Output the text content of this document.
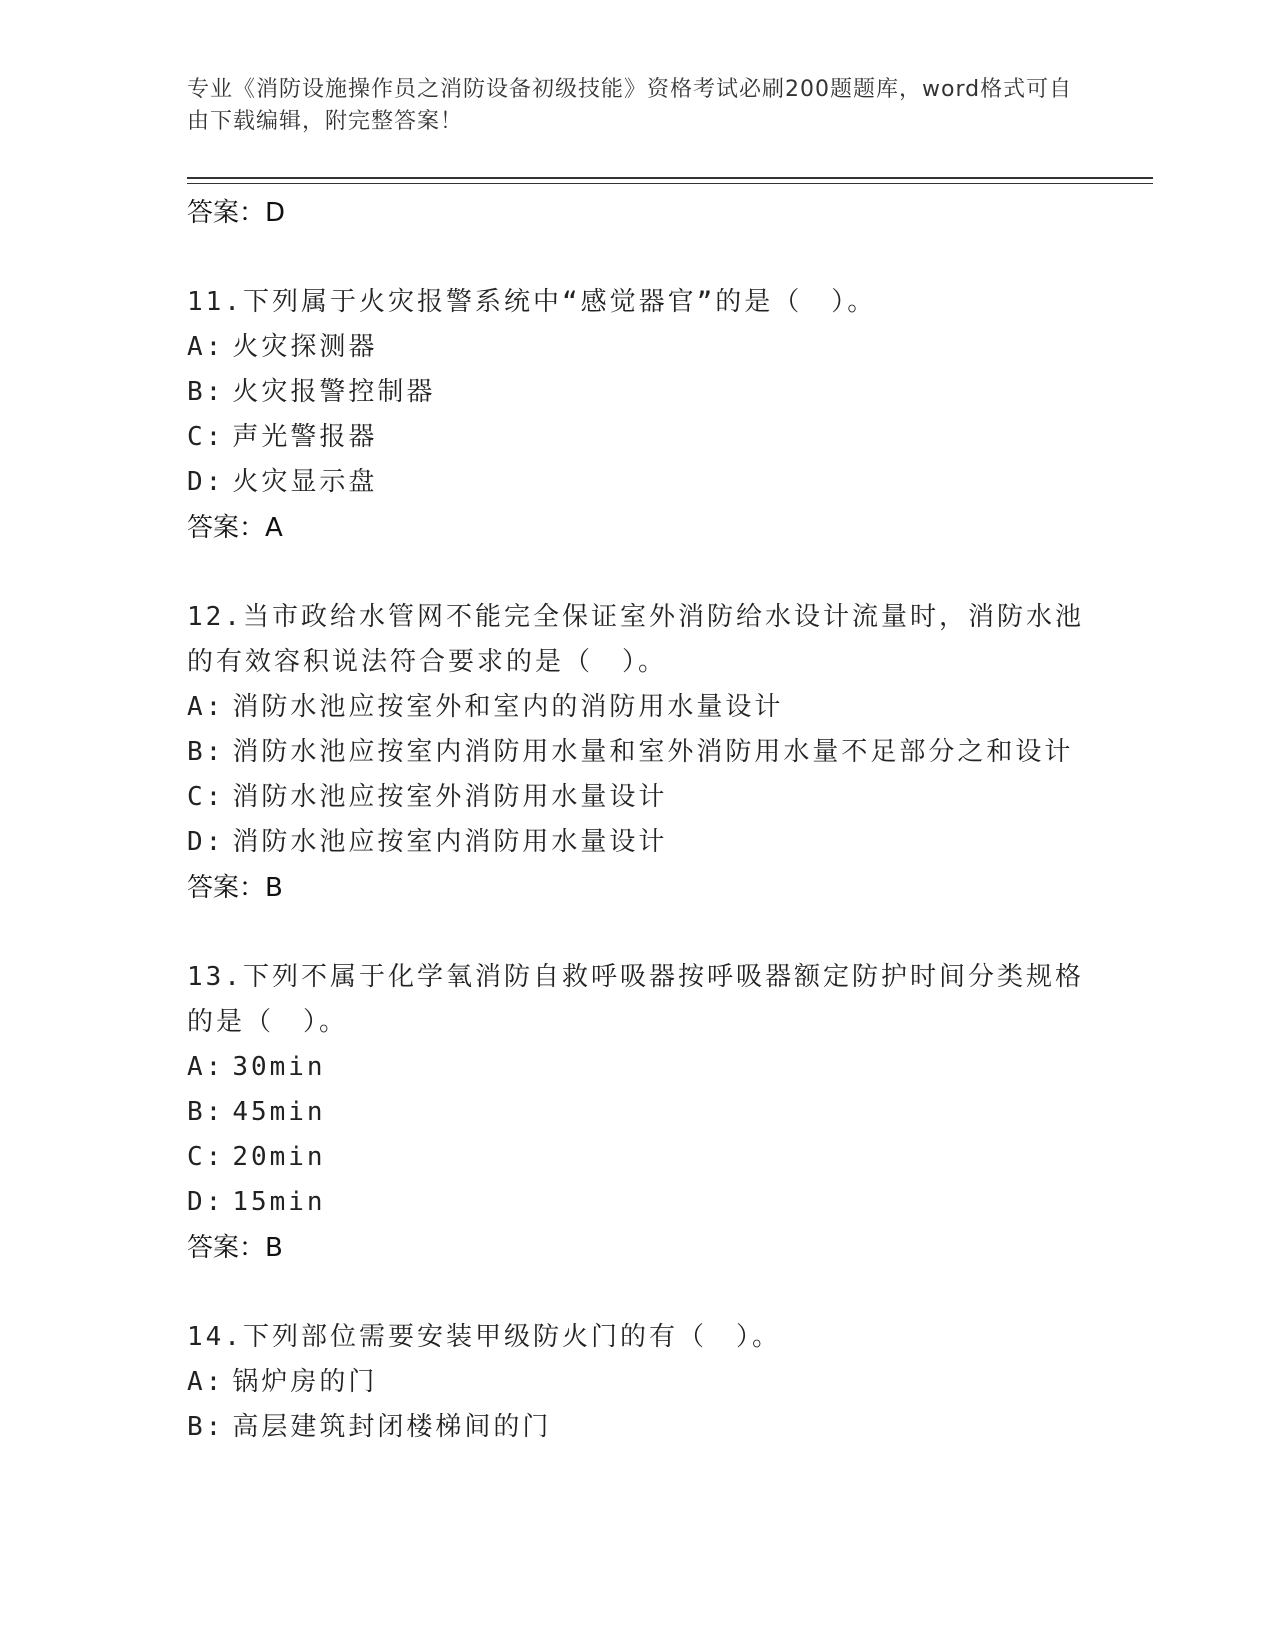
专业《消防设施操作员之消防设备初级技能》资格考试必刷200题题库，word格式可自由下载编辑，附完整答案！
答案：D

11.下列属于火灾报警系统中“感觉器官”的是（　）。

A: 火灾探测器
B: 火灾报警控制器
C: 声光警报器
D: 火灾显示盘
答案：A

12.当市政给水管网不能完全保证室外消防给水设计流量时，消防水池的有效容积说法符合要求的是（　）。

A: 消防水池应按室外和室内的消防用水量设计
B: 消防水池应按室内消防用水量和室外消防用水量不足部分之和设计
C: 消防水池应按室外消防用水量设计
D: 消防水池应按室内消防用水量设计
答案：B

13.下列不属于化学氧消防自救呼吸器按呼吸器额定防护时间分类规格的是（　）。

A: 30min
B: 45min
C: 20min
D: 15min
答案：B

14.下列部位需要安装甲级防火门的有（　）。

A: 锅炉房的门
B: 高层建筑封闭楼梯间的门
